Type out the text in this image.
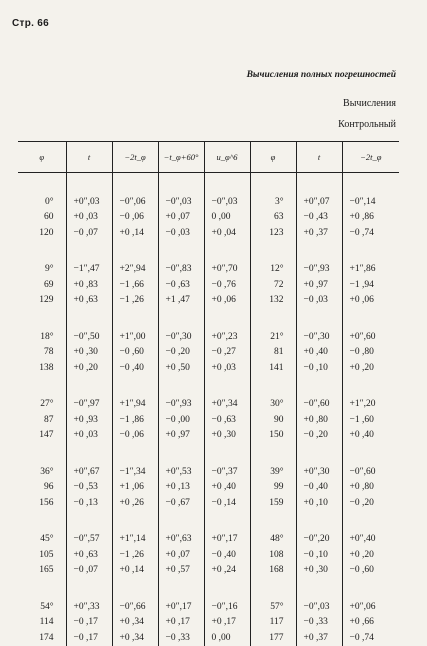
Стр. 66
Вычисления полных погрешностей
Вычисления
Контрольный
φ	t	−2t_φ	−t_φ+60°	u_φ^6	φ	t	−2t_φ

0°	+0″,03	−0″,06	−0″,03	−0″,03	3°	+0″,07	−0″,14
60	+0 ,03	−0 ,06	+0 ,07	0 ,00	63	−0 ,43	+0 ,86
120	−0 ,07	+0 ,14	−0 ,03	+0 ,04	123	+0 ,37	−0 ,74

9°	−1″,47	+2″,94	−0″,83	+0″,70	12°	−0″,93	+1″,86
69	+0 ,83	−1 ,66	−0 ,63	−0 ,76	72	+0 ,97	−1 ,94
129	+0 ,63	−1 ,26	+1 ,47	+0 ,06	132	−0 ,03	+0 ,06

18°	−0″,50	+1″,00	−0″,30	+0″,23	21°	−0″,30	+0″,60
78	+0 ,30	−0 ,60	−0 ,20	−0 ,27	81	+0 ,40	−0 ,80
138	+0 ,20	−0 ,40	+0 ,50	+0 ,03	141	−0 ,10	+0 ,20

27°	−0″,97	+1″,94	−0″,93	+0″,34	30°	−0″,60	+1″,20
87	+0 ,93	−1 ,86	−0 ,00	−0 ,63	90	+0 ,80	−1 ,60
147	+0 ,03	−0 ,06	+0 ,97	+0 ,30	150	−0 ,20	+0 ,40

36°	+0″,67	−1″,34	+0″,53	−0″,37	39°	+0″,30	−0″,60
96	−0 ,53	+1 ,06	+0 ,13	+0 ,40	99	−0 ,40	+0 ,80
156	−0 ,13	+0 ,26	−0 ,67	−0 ,14	159	+0 ,10	−0 ,20

45°	−0″,57	+1″,14	+0″,63	+0″,17	48°	−0″,20	+0″,40
105	+0 ,63	−1 ,26	+0 ,07	−0 ,40	108	−0 ,10	+0 ,20
165	−0 ,07	+0 ,14	+0 ,57	+0 ,24	168	+0 ,30	−0 ,60

54°	+0″,33	−0″,66	+0″,17	−0″,16	57°	−0″,03	+0″,06
114	−0 ,17	+0 ,34	+0 ,17	+0 ,17	117	−0 ,33	+0 ,66
174	−0 ,17	+0 ,34	−0 ,33	0 ,00	177	+0 ,37	−0 ,74
